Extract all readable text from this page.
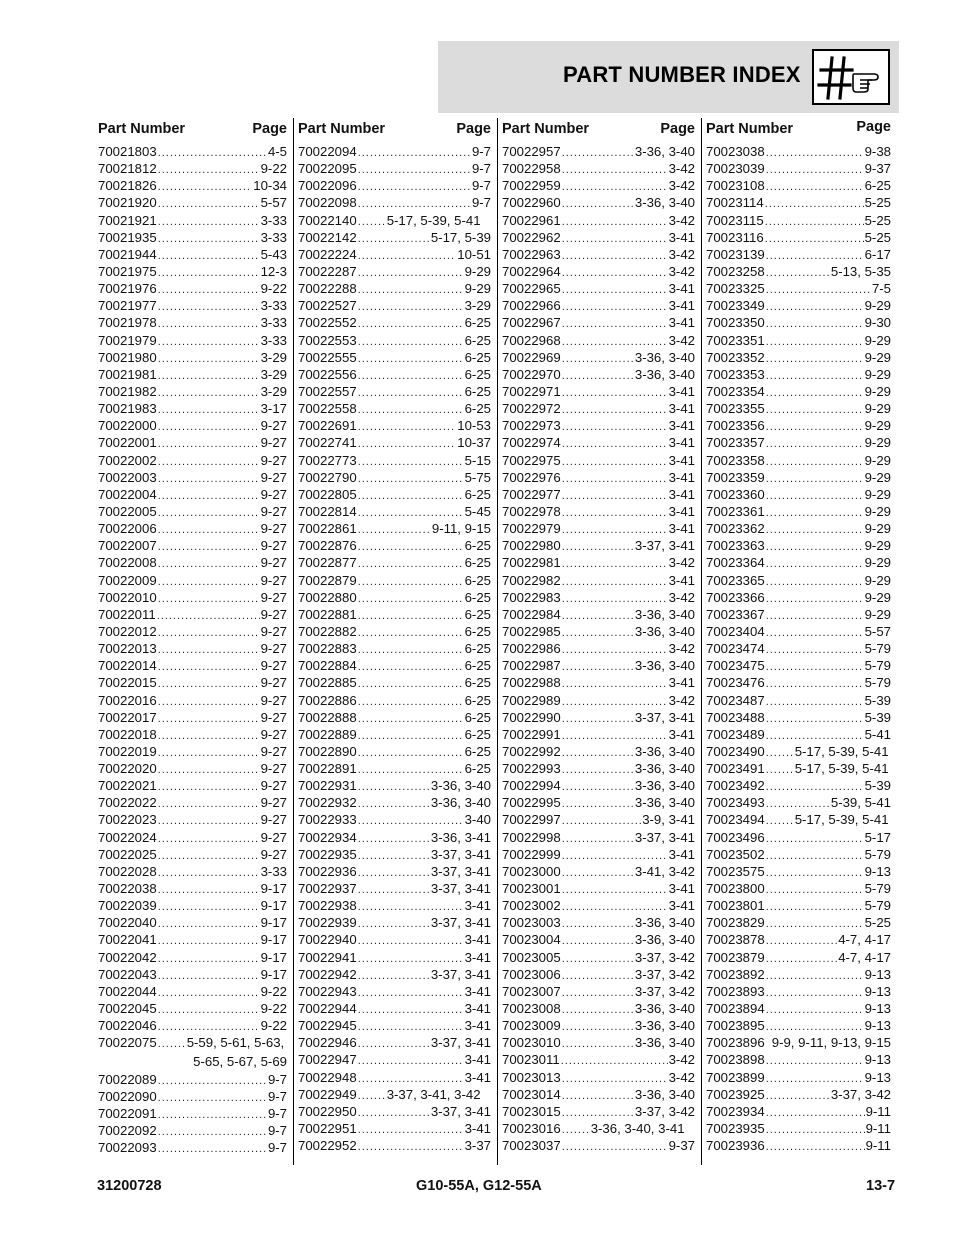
PART NUMBER INDEX
Part Number	Page
70021803 .....	4-5
70021812 .....	9-22
70021826 .....	10-34
70021920 .....	5-57
70021921 .....	3-33
70021935 .....	3-33
70021944 .....	5-43
70021975 .....	12-3
70021976 .....	9-22
70021977 .....	3-33
70021978 .....	3-33
70021979 .....	3-33
70021980 .....	3-29
70021981 .....	3-29
70021982 .....	3-29
70021983 .....	3-17
70022000 .....	9-27
70022001 .....	9-27
70022002 .....	9-27
70022003 .....	9-27
70022004 .....	9-27
70022005 .....	9-27
70022006 .....	9-27
70022007 .....	9-27
70022008 .....	9-27
70022009 .....	9-27
70022010 .....	9-27
70022011 .....	9-27
70022012 .....	9-27
70022013 .....	9-27
70022014 .....	9-27
70022015 .....	9-27
70022016 .....	9-27
70022017 .....	9-27
70022018 .....	9-27
70022019 .....	9-27
70022020 .....	9-27
70022021 .....	9-27
70022022 .....	9-27
70022023 .....	9-27
70022024 .....	9-27
70022025 .....	9-27
70022028 .....	3-33
70022038 .....	9-17
70022039 .....	9-17
70022040 .....	9-17
70022041 .....	9-17
70022042 .....	9-17
70022043 .....	9-17
70022044 .....	9-22
70022045 .....	9-22
70022046 .....	9-22
70022075
..... 5-59, 5-61, 5-63,
5-65, 5-67, 5-69
70022089 .....	9-7
70022090 .....	9-7
70022091 .....	9-7
70022092 .....	9-7
70022093 .....	9-7
Part Number	Page
70022094 .....	9-7
70022095 .....	9-7
70022096 .....	9-7
70022098 .....	9-7
70022140 ..... 5-17, 5-39, 5-41
70022142 .....	5-17, 5-39
70022224 .....	10-51
70022287 .....	9-29
70022288 .....	9-29
70022527 .....	3-29
70022552 .....	6-25
70022553 .....	6-25
70022555 .....	6-25
70022556 .....	6-25
70022557 .....	6-25
70022558 .....	6-25
70022691 .....	10-53
70022741 .....	10-37
70022773 .....	5-15
70022790 .....	5-75
70022805 .....	6-25
70022814 .....	5-45
70022861 .....	9-11, 9-15
70022876 .....	6-25
70022877 .....	6-25
70022879 .....	6-25
70022880 .....	6-25
70022881 .....	6-25
70022882 .....	6-25
70022883 .....	6-25
70022884 .....	6-25
70022885 .....	6-25
70022886 .....	6-25
70022888 .....	6-25
70022889 .....	6-25
70022890 .....	6-25
70022891 .....	6-25
70022931 .....	3-36, 3-40
70022932 .....	3-36, 3-40
70022933 .....	3-40
70022934 .....	3-36, 3-41
70022935 .....	3-37, 3-41
70022936 .....	3-37, 3-41
70022937 .....	3-37, 3-41
70022938 .....	3-41
70022939 .....	3-37, 3-41
70022940 .....	3-41
70022941 .....	3-41
70022942 .....	3-37, 3-41
70022943 .....	3-41
70022944 .....	3-41
70022945 .....	3-41
70022946 .....	3-37, 3-41
70022947 .....	3-41
70022948 .....	3-41
70022949 ..... 3-37, 3-41, 3-42
70022950 .....	3-37, 3-41
70022951 .....	3-41
70022952 .....	3-37
Part Number	Page
70022957 .....	3-36, 3-40
70022958 .....	3-42
70022959 .....	3-42
70022960 .....	3-36, 3-40
70022961 .....	3-42
70022962 .....	3-41
70022963 .....	3-42
70022964 .....	3-42
70022965 .....	3-41
70022966 .....	3-41
70022967 .....	3-41
70022968 .....	3-42
70022969 .....	3-36, 3-40
70022970 .....	3-36, 3-40
70022971 .....	3-41
70022972 .....	3-41
70022973 .....	3-41
70022974 .....	3-41
70022975 .....	3-41
70022976 .....	3-41
70022977 .....	3-41
70022978 .....	3-41
70022979 .....	3-41
70022980 .....	3-37, 3-41
70022981 .....	3-42
70022982 .....	3-41
70022983 .....	3-42
70022984 .....	3-36, 3-40
70022985 .....	3-36, 3-40
70022986 .....	3-42
70022987 .....	3-36, 3-40
70022988 .....	3-41
70022989 .....	3-42
70022990 .....	3-37, 3-41
70022991 .....	3-41
70022992 .....	3-36, 3-40
70022993 .....	3-36, 3-40
70022994 .....	3-36, 3-40
70022995 .....	3-36, 3-40
70022997 .....	3-9, 3-41
70022998 .....	3-37, 3-41
70022999 .....	3-41
70023000 .....	3-41, 3-42
70023001 .....	3-41
70023002 .....	3-41
70023003 .....	3-36, 3-40
70023004 .....	3-36, 3-40
70023005 .....	3-37, 3-42
70023006 .....	3-37, 3-42
70023007 .....	3-37, 3-42
70023008 .....	3-36, 3-40
70023009 .....	3-36, 3-40
70023010 .....	3-36, 3-40
70023011 .....	3-42
70023013 .....	3-42
70023014 .....	3-36, 3-40
70023015 .....	3-37, 3-42
70023016 ..... 3-36, 3-40, 3-41
70023037 .....	9-37
Part Number	Page
70023038 .....	9-38
70023039 .....	9-37
70023108 .....	6-25
70023114 .....	5-25
70023115 .....	5-25
70023116 .....	5-25
70023139 .....	6-17
70023258 .....	5-13, 5-35
70023325 .....	7-5
70023349 .....	9-29
70023350 .....	9-30
70023351 .....	9-29
70023352 .....	9-29
70023353 .....	9-29
70023354 .....	9-29
70023355 .....	9-29
70023356 .....	9-29
70023357 .....	9-29
70023358 .....	9-29
70023359 .....	9-29
70023360 .....	9-29
70023361 .....	9-29
70023362 .....	9-29
70023363 .....	9-29
70023364 .....	9-29
70023365 .....	9-29
70023366 .....	9-29
70023367 .....	9-29
70023404 .....	5-57
70023474 .....	5-79
70023475 .....	5-79
70023476 .....	5-79
70023487 .....	5-39
70023488 .....	5-39
70023489 .....	5-41
70023490 ..... 5-17, 5-39, 5-41
70023491 ..... 5-17, 5-39, 5-41
70023492 .....	5-39
70023493 .....	5-39, 5-41
70023494 ..... 5-17, 5-39, 5-41
70023496 .....	5-17
70023502 .....	5-79
70023575 .....	9-13
70023800 .....	5-79
70023801 .....	5-79
70023829 .....	5-25
70023878 .....	4-7, 4-17
70023879 .....	4-7, 4-17
70023892 .....	9-13
70023893 .....	9-13
70023894 .....	9-13
70023895 .....	9-13
70023896 9-9, 9-11, 9-13, 9-15
70023898 .....	9-13
70023899 .....	9-13
70023925 .....	3-37, 3-42
70023934 .....	9-11
70023935 .....	9-11
70023936 .....	9-11
31200728	G10-55A, G12-55A	13-7
